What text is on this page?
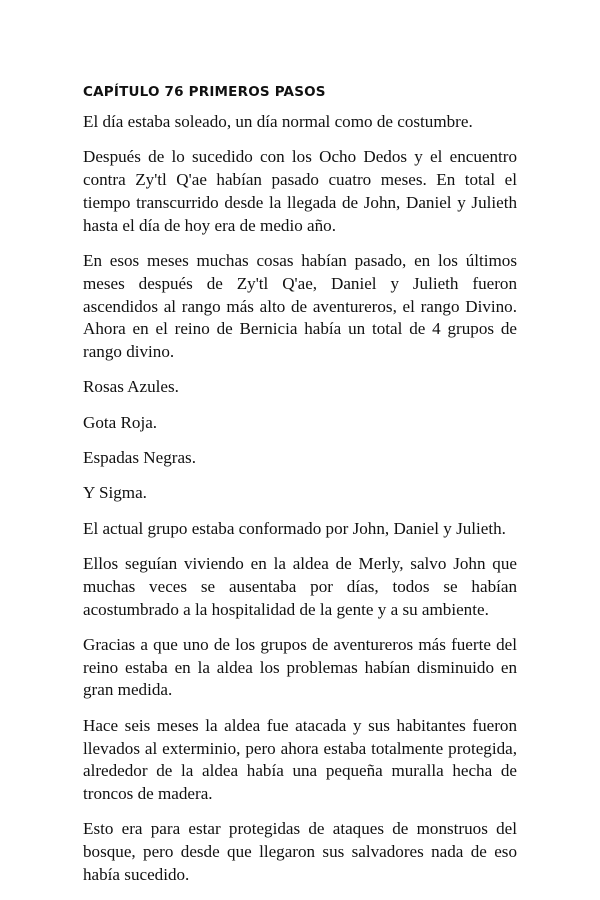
CAPÍTULO 76 PRIMEROS PASOS

El día estaba soleado, un día normal como de costumbre.

Después de lo sucedido con los Ocho Dedos y el encuentro contra Zy'tl Q'ae habían pasado cuatro meses. En total el tiempo transcurrido desde la llegada de John, Daniel y Julieth hasta el día de hoy era de medio año.

En esos meses muchas cosas habían pasado, en los últimos meses después de Zy'tl Q'ae, Daniel y Julieth fueron ascendidos al rango más alto de aventureros, el rango Divino. Ahora en el reino de Bernicia había un total de 4 grupos de rango divino.

Rosas Azules.

Gota Roja.

Espadas Negras.

Y Sigma.

El actual grupo estaba conformado por John, Daniel y Julieth.

Ellos seguían viviendo en la aldea de Merly, salvo John que muchas veces se ausentaba por días, todos se habían acostumbrado a la hospitalidad de la gente y a su ambiente.

Gracias a que uno de los grupos de aventureros más fuerte del reino estaba en la aldea los problemas habían disminuido en gran medida.

Hace seis meses la aldea fue atacada y sus habitantes fueron llevados al exterminio, pero ahora estaba totalmente protegida, alrededor de la aldea había una pequeña muralla hecha de troncos de madera.

Esto era para estar protegidas de ataques de monstruos del bosque, pero desde que llegaron sus salvadores nada de eso había sucedido.
